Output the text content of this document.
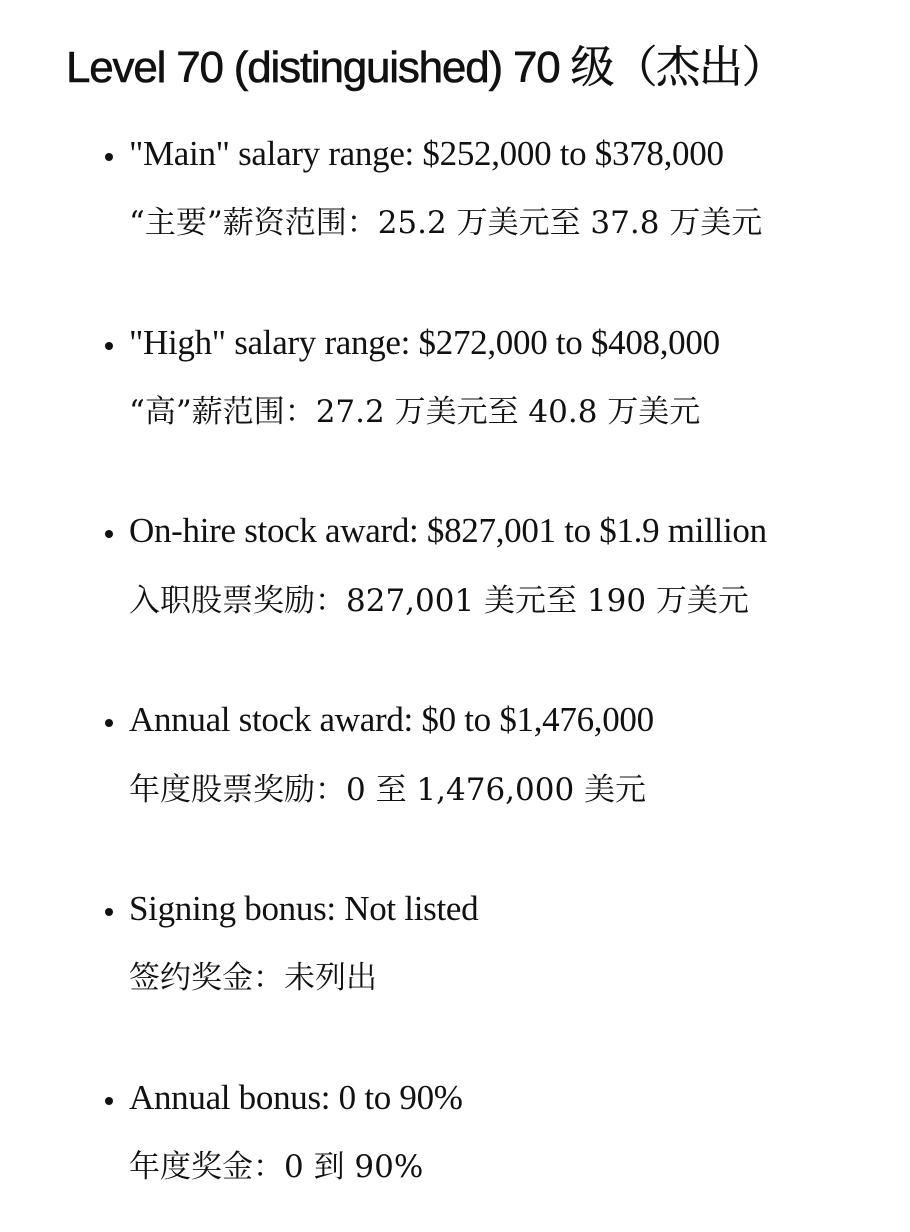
Level 70 (distinguished) 70 级（杰出）
"Main" salary range: $252,000 to $378,000
“主要”薪资范围：25.2 万美元至 37.8 万美元
"High" salary range: $272,000 to $408,000
“高”薪范围：27.2 万美元至 40.8 万美元
On-hire stock award: $827,001 to $1.9 million
入职股票奖励：827,001 美元至 190 万美元
Annual stock award: $0 to $1,476,000
年度股票奖励：0 至 1,476,000 美元
Signing bonus: Not listed
签约奖金：未列出
Annual bonus: 0 to 90%
年度奖金：0 到 90%
